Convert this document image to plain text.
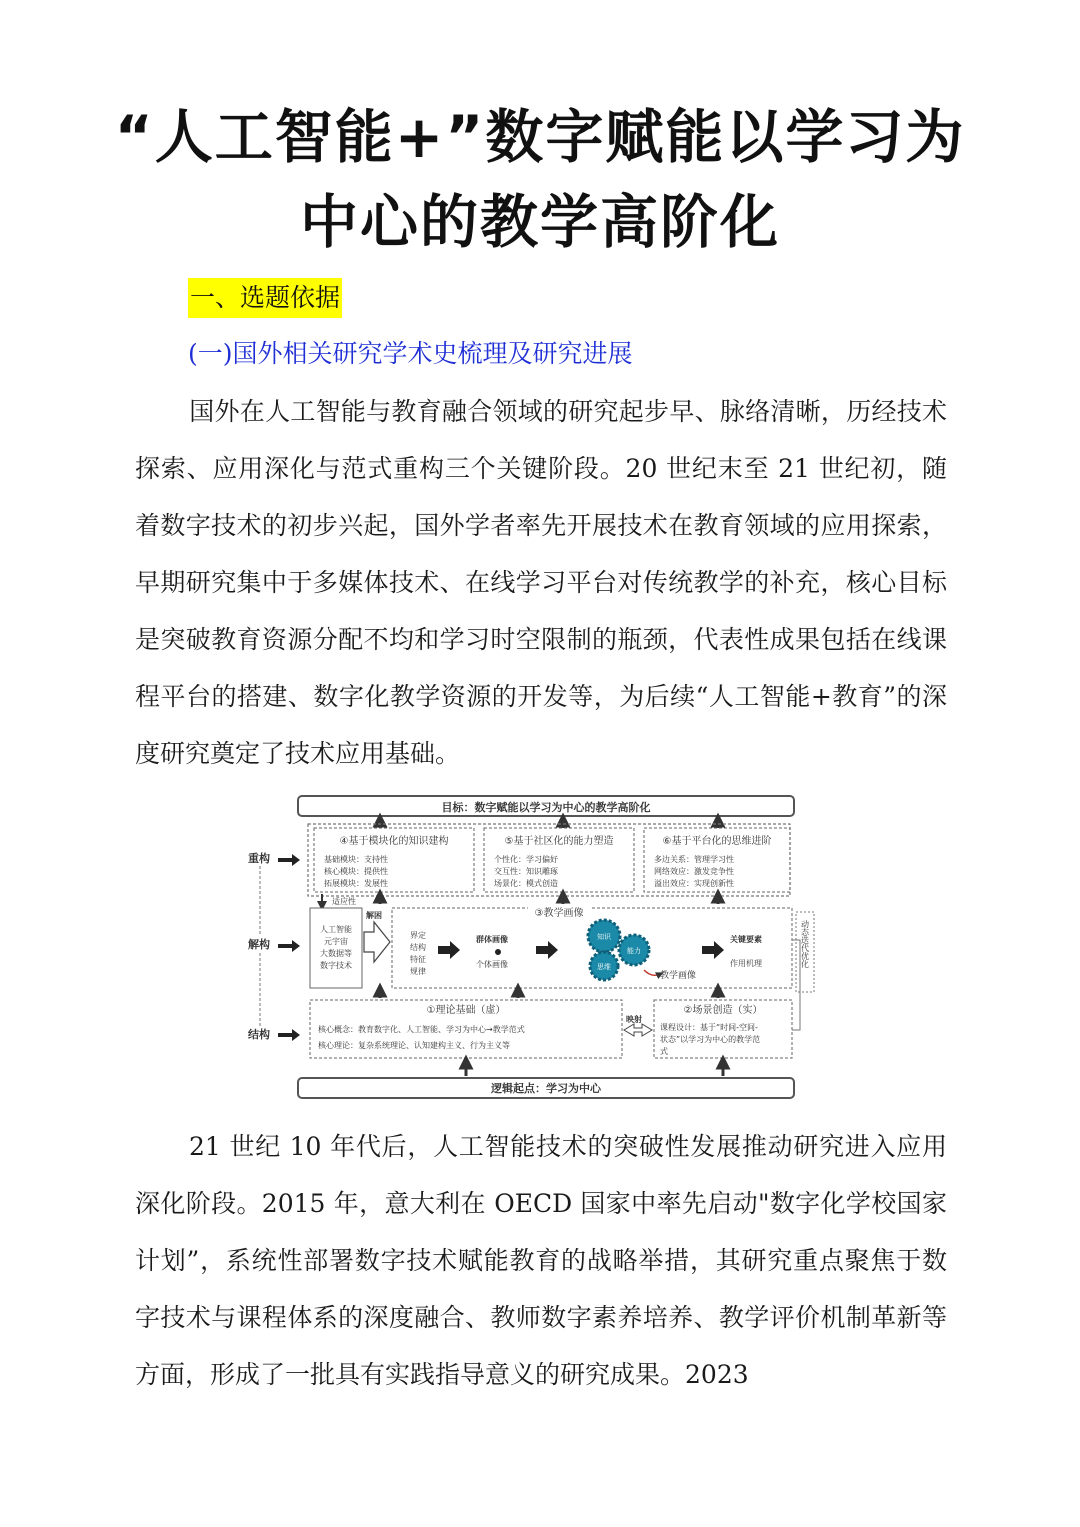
“人工智能+”数字赋能以学习为
中心的教学高阶化
一、选题依据
(一)国外相关研究学术史梳理及研究进展
国外在人工智能与教育融合领域的研究起步早、脉络清晰，历经技术探索、应用深化与范式重构三个关键阶段。20 世纪末至 21 世纪初，随着数字技术的初步兴起，国外学者率先开展技术在教育领域的应用探索，早期研究集中于多媒体技术、在线学习平台对传统教学的补充，核心目标是突破教育资源分配不均和学习时空限制的瓶颈，代表性成果包括在线课程平台的搭建、数字化教学资源的开发等，为后续“人工智能+教育”的深度研究奠定了技术应用基础。
目标：数字赋能以学习为中心的教学高阶化
④基于模块化的知识建构
基础模块：支持性
核心模块：提供性
拓展模块：发展性
⑤基于社区化的能力塑造
个性化：学习偏好
交互性：知识雕琢
场景化：模式创造
⑥基于平台化的思维进阶
多边关系：管理学习性
网络效应：激发竞争性
溢出效应：实现创新性
重构
解构
结构
适应性
人工智能
元宇宙
大数据等
数字技术
解困	③教学画像
界定
结构
特征
规律
群体画像
个体画像
知识
能力
思维
教学画像
关键要素
作用机理	动态迭代优化
①理论基础（虚）
核心概念：教育数字化、人工智能、学习为中心→教学范式
核心理论：复杂系统理论、认知建构主义、行为主义等
映射
②场景创造（实）
课程设计：基于“时间-空间-
状态”以学习为中心的教学范
式
逻辑起点：学习为中心
21 世纪 10 年代后，人工智能技术的突破性发展推动研究进入应用深化阶段。2015 年，意大利在 OECD 国家中率先启动"数字化学校国家计划”，系统性部署数字技术赋能教育的战略举措，其研究重点聚焦于数字技术与课程体系的深度融合、教师数字素养培养、教学评价机制革新等方面，形成了一批具有实践指导意义的研究成果。2023
